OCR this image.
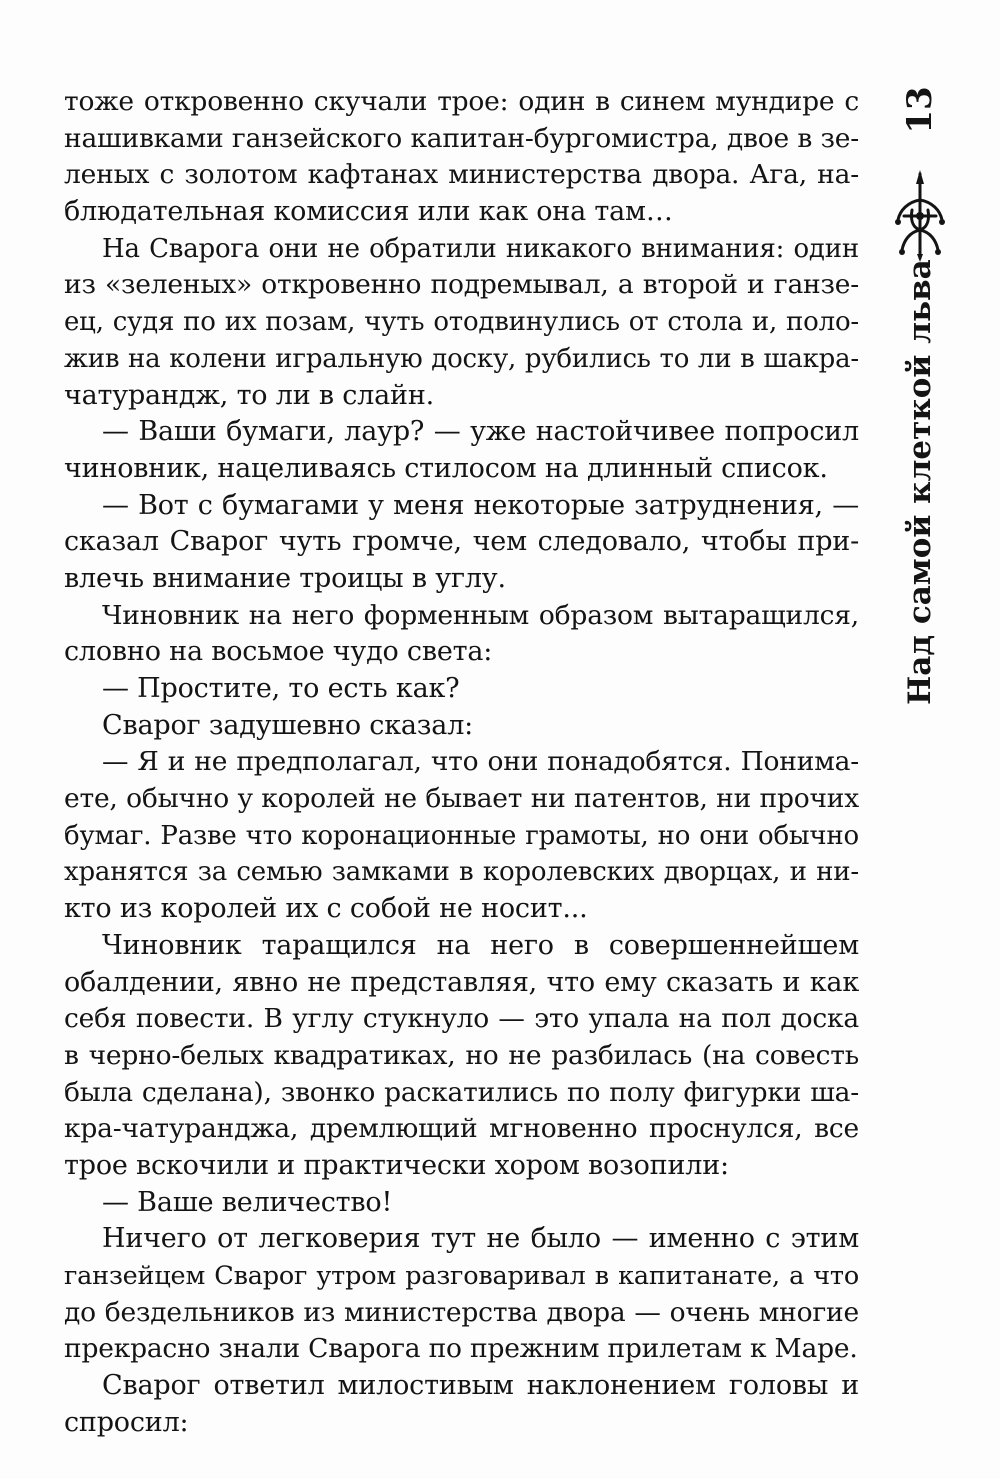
тоже откровенно скучали трое: один в синем мундире с
нашивками ганзейского капитан-бургомистра, двое в зе-
леных с золотом кафтанах министерства двора. Ага, на-
блюдательная комиссия или как она там…
На Сварога они не обратили никакого внимания: один
из «зеленых» откровенно подремывал, а второй и ганзе-
ец, судя по их позам, чуть отодвинулись от стола и, поло-
жив на колени игральную доску, рубились то ли в шакра-
чатурандж, то ли в слайн.
— Ваши бумаги, лаур? — уже настойчивее попросил
чиновник, нацеливаясь стилосом на длинный список.
— Вот с бумагами у меня некоторые затруднения, —
сказал Сварог чуть громче, чем следовало, чтобы при-
влечь внимание троицы в углу.
Чиновник на него форменным образом вытаращился,
словно на восьмое чудо света:
— Простите, то есть как?
Сварог задушевно сказал:
— Я и не предполагал, что они понадобятся. Понима-
ете, обычно у королей не бывает ни патентов, ни прочих
бумаг. Разве что коронационные грамоты, но они обычно
хранятся за семью замками в королевских дворцах, и ни-
кто из королей их с собой не носит...
Чиновник таращился на него в совершеннейшем
обалдении, явно не представляя, что ему сказать и как
себя повести. В углу стукнуло — это упала на пол доска
в черно-белых квадратиках, но не разбилась (на совесть
была сделана), звонко раскатились по полу фигурки ша-
кра-чатуранджа, дремлющий мгновенно проснулся, все
трое вскочили и практически хором возопили:
— Ваше величество!
Ничего от легковерия тут не было — именно с этим
ганзейцем Сварог утром разговаривал в капитанате, а что
до бездельников из министерства двора — очень многие
прекрасно знали Сварога по прежним прилетам к Маре.
Сварог ответил милостивым наклонением головы и
спросил:
13
Над самой клеткой льва
